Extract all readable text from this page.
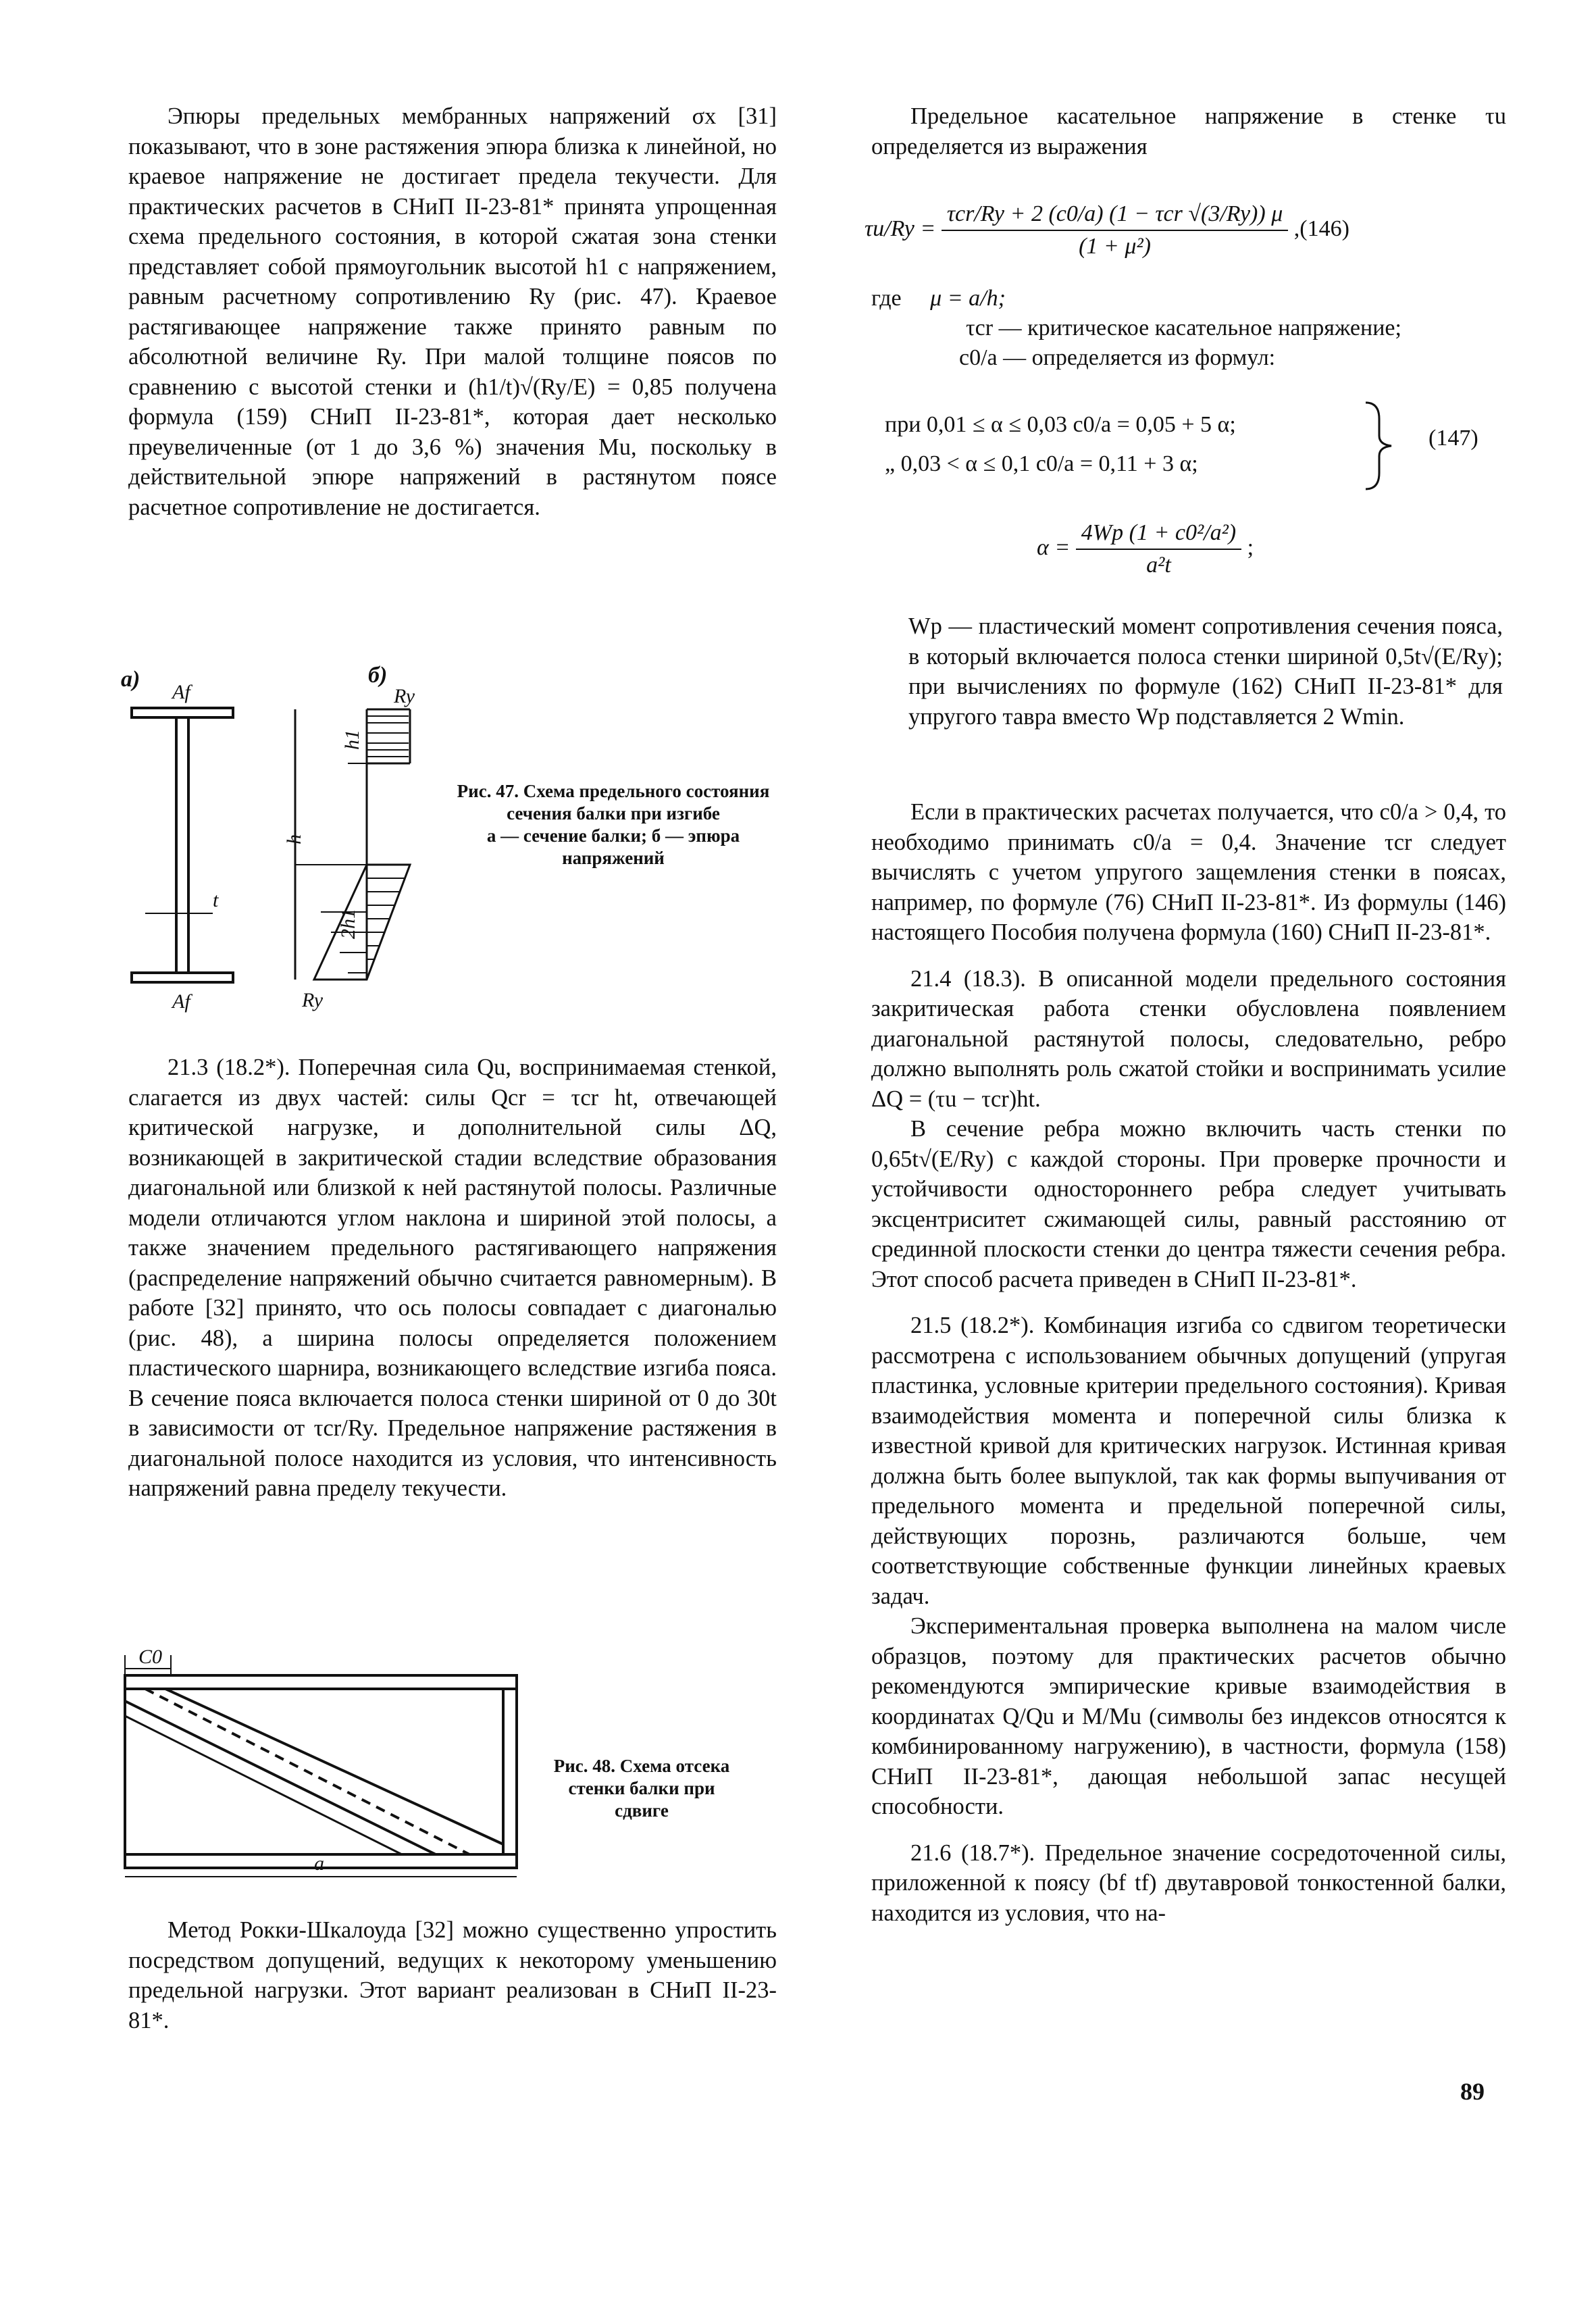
Эпюры предельных мембранных напряжений σx [31] показывают, что в зоне растяжения эпюра близка к линейной, но краевое напряжение не достигает предела текучести. Для практических расчетов в СНиП II-23-81* принята упрощенная схема предельного состояния, в которой сжатая зона стенки представляет собой прямоугольник высотой h1 с напряжением, равным расчетному сопротивлению Ry (рис. 47). Краевое растягивающее напряжение также принято равным по абсолютной величине Ry. При малой толщине поясов по сравнению с высотой стенки и (h1/t)√(Ry/E) = 0,85 получена формула (159) СНиП II-23-81*, которая дает несколько преувеличенные (от 1 до 3,6 %) значения Mu, поскольку в действительной эпюре напряжений в растянутом поясе расчетное сопротивление не достигается.

a)	б)
Af
Af
t
Ry
Ry
h
h1
2h1
Рис. 47. Схема предельного состояния сечения балки при изгибе
а — сечение балки; б — эпюра напряжений

21.3 (18.2*). Поперечная сила Qu, воспринимаемая стенкой, слагается из двух частей: силы Qcr = τcr ht, отвечающей критической нагрузке, и дополнительной силы ΔQ, возникающей в закритической стадии вследствие образования диагональной или близкой к ней растянутой полосы. Различные модели отличаются углом наклона и шириной этой полосы, а также значением предельного растягивающего напряжения (распределение напряжений обычно считается равномерным). В работе [32] принято, что ось полосы совпадает с диагональю (рис. 48), а ширина полосы определяется положением пластического шарнира, возникающего вследствие изгиба пояса. В сечение пояса включается полоса стенки шириной от 0 до 30t в зависимости от τcr/Ry. Предельное напряжение растяжения в диагональной полосе находится из условия, что интенсивность напряжений равна пределу текучести.

C0
a
Рис. 48. Схема отсека стенки балки при сдвиге

Метод Рокки-Шкалоуда [32] можно существенно упростить посредством допущений, ведущих к некоторому уменьшению предельной нагрузки. Этот вариант реализован в СНиП II-23-81*.

Предельное касательное напряжение в стенке τu определяется из выражения

$\tau u/Ry = \frac{\text{τcr/Ry + 2 (c0/a) (1 − τcr √(3/Ry)) μ}}{\text{(1 + μ²)}} ,(146)$
где μ = a/h;
τcr — критическое касательное напряжение;
c0/a — определяется из формул:
при 0,01 ≤ α ≤ 0,03 c0/a = 0,05 + 5 α;
„ 0,03 < α ≤ 0,1 c0/a = 0,11 + 3 α;
(147)
$\alpha = \frac{\text{4Wp (1 + c0²/a²)}}{\text{a²t}}$ ;
Wp — пластический момент сопротивления сечения пояса, в который включается полоса стенки шириной 0,5t√(E/Ry); при вычислениях по формуле (162) СНиП II-23-81* для упругого тавра вместо Wp подставляется 2 Wmin.

Если в практических расчетах получается, что c0/a > 0,4, то необходимо принимать c0/a = 0,4. Значение τcr следует вычислять с учетом упругого защемления стенки в поясах, например, по формуле (76) СНиП II-23-81*. Из формулы (146) настоящего Пособия получена формула (160) СНиП II-23-81*.

21.4 (18.3). В описанной модели предельного состояния закритическая работа стенки обусловлена появлением диагональной растянутой полосы, следовательно, ребро должно выполнять роль сжатой стойки и воспринимать усилие ΔQ = (τu − τcr)ht.

В сечение ребра можно включить часть стенки по 0,65t√(E/Ry) с каждой стороны. При проверке прочности и устойчивости одностороннего ребра следует учитывать эксцентриситет сжимающей силы, равный расстоянию от срединной плоскости стенки до центра тяжести сечения ребра. Этот способ расчета приведен в СНиП II-23-81*.

21.5 (18.2*). Комбинация изгиба со сдвигом теоретически рассмотрена с использованием обычных допущений (упругая пластинка, условные критерии предельного состояния). Кривая взаимодействия момента и поперечной силы близка к известной кривой для критических нагрузок. Истинная кривая должна быть более выпуклой, так как формы выпучивания от предельного момента и предельной поперечной силы, действующих порознь, различаются больше, чем соответствующие собственные функции линейных краевых задач.

Экспериментальная проверка выполнена на малом числе образцов, поэтому для практических расчетов обычно рекомендуются эмпирические кривые взаимодействия в координатах Q/Qu и M/Mu (символы без индексов относятся к комбинированному нагружению), в частности, формула (158) СНиП II-23-81*, дающая небольшой запас несущей способности.

21.6 (18.7*). Предельное значение сосредоточенной силы, приложенной к поясу (bf tf) двутавровой тонкостенной балки, находится из условия, что на-

89
